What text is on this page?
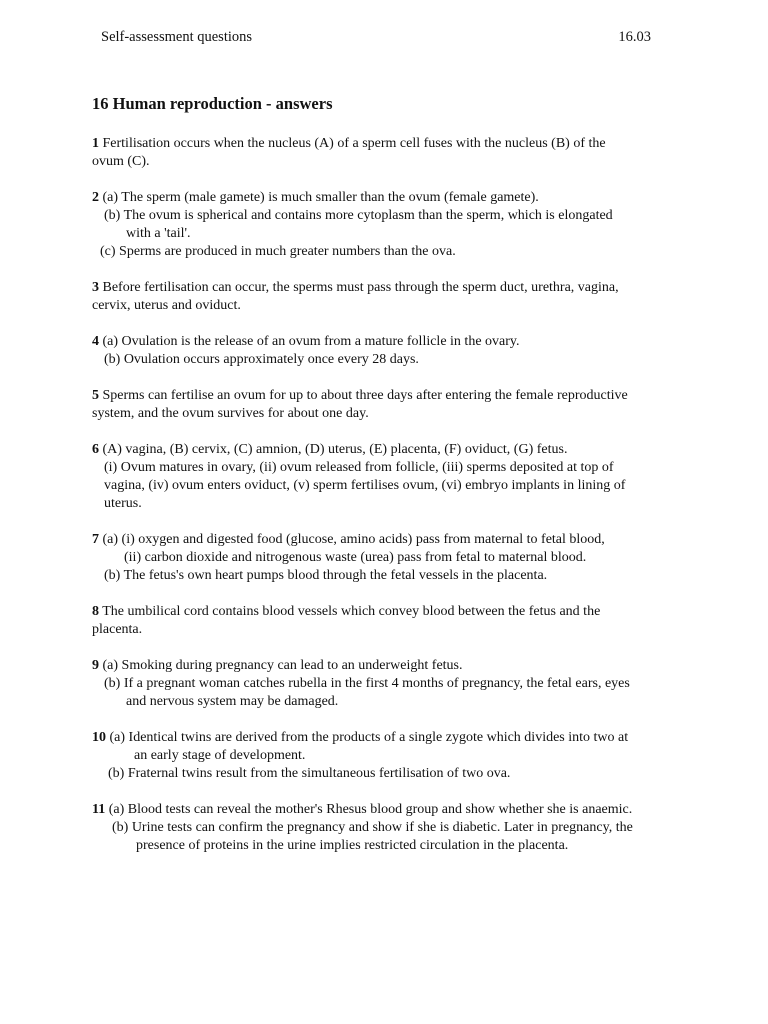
Self-assessment questions	16.03
16 Human reproduction - answers
1 Fertilisation occurs when the nucleus (A) of a sperm cell fuses with the nucleus (B) of the
ovum (C).
2 (a) The sperm (male gamete) is much smaller than the ovum (female gamete).
(b) The ovum is spherical and contains more cytoplasm than the sperm, which is elongated
with a 'tail'.
(c) Sperms are produced in much greater numbers than the ova.
3 Before fertilisation can occur, the sperms must pass through the sperm duct, urethra, vagina,
cervix, uterus and oviduct.
4 (a) Ovulation is the release of an ovum from a mature follicle in the ovary.
(b) Ovulation occurs approximately once every 28 days.
5 Sperms can fertilise an ovum for up to about three days after entering the female reproductive
system, and the ovum survives for about one day.
6 (A) vagina, (B) cervix, (C) amnion, (D) uterus, (E) placenta, (F) oviduct, (G) fetus.
(i) Ovum matures in ovary, (ii) ovum released from follicle, (iii) sperms deposited at top of
vagina, (iv) ovum enters oviduct, (v) sperm fertilises ovum, (vi) embryo implants in lining of
uterus.
7 (a) (i) oxygen and digested food (glucose, amino acids) pass from maternal to fetal blood,
(ii) carbon dioxide and nitrogenous waste (urea) pass from fetal to maternal blood.
(b) The fetus's own heart pumps blood through the fetal vessels in the placenta.
8 The umbilical cord contains blood vessels which convey blood between the fetus and the
placenta.
9 (a) Smoking during pregnancy can lead to an underweight fetus.
(b) If a pregnant woman catches rubella in the first 4 months of pregnancy, the fetal ears, eyes
and nervous system may be damaged.
10 (a) Identical twins are derived from the products of a single zygote which divides into two at
an early stage of development.
(b) Fraternal twins result from the simultaneous fertilisation of two ova.
11 (a) Blood tests can reveal the mother's Rhesus blood group and show whether she is anaemic.
(b) Urine tests can confirm the pregnancy and show if she is diabetic. Later in pregnancy, the
presence of proteins in the urine implies restricted circulation in the placenta.
